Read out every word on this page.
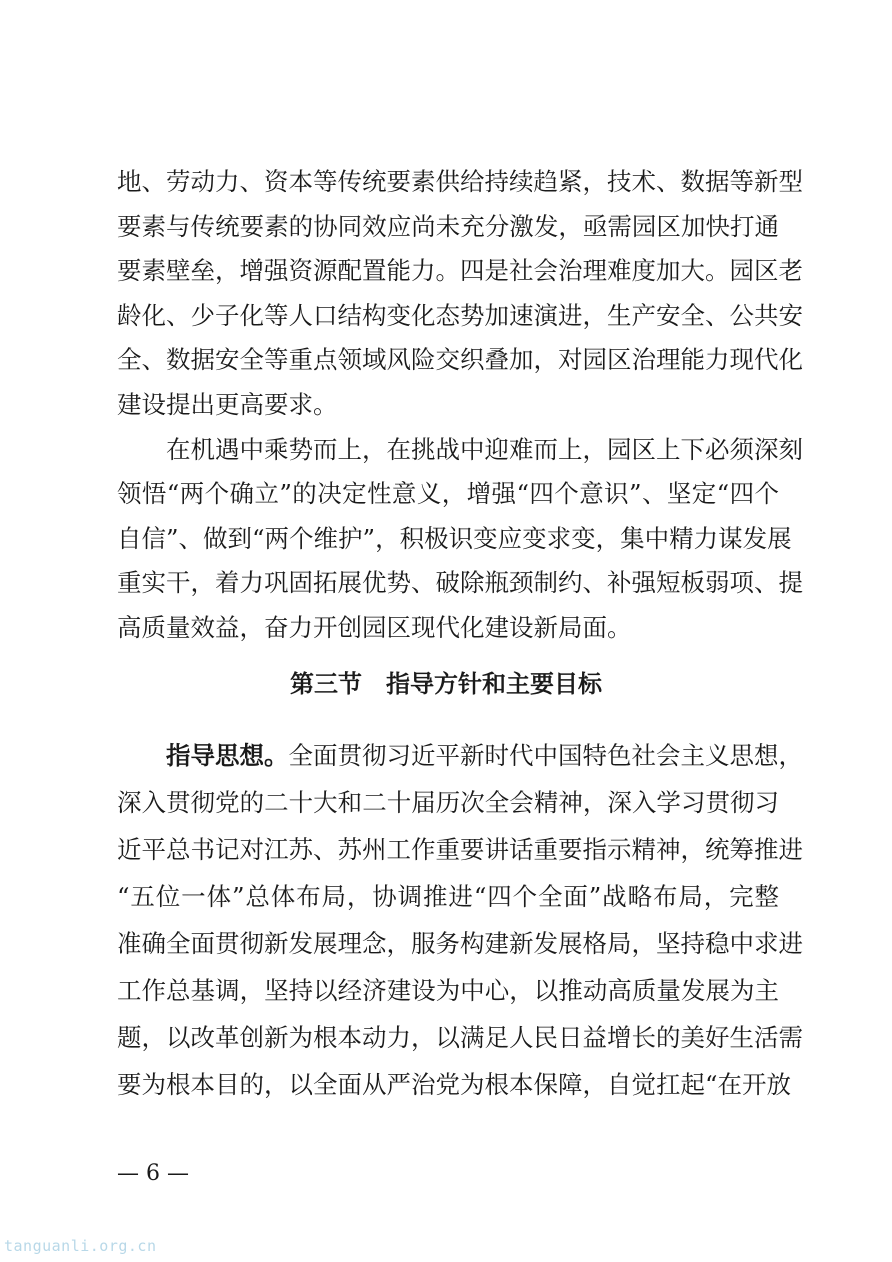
地、劳动力、资本等传统要素供给持续趋紧，技术、数据等新型
要素与传统要素的协同效应尚未充分激发，亟需园区加快打通
要素壁垒，增强资源配置能力。四是社会治理难度加大。园区老
龄化、少子化等人口结构变化态势加速演进，生产安全、公共安
全、数据安全等重点领域风险交织叠加，对园区治理能力现代化
建设提出更高要求。
在机遇中乘势而上，在挑战中迎难而上，园区上下必须深刻
领悟“两个确立”的决定性意义，增强“四个意识”、坚定“四个
自信”、做到“两个维护”，积极识变应变求变，集中精力谋发展
重实干，着力巩固拓展优势、破除瓶颈制约、补强短板弱项、提
第三节　指导方针和主要目标
指导思想。全面贯彻习近平新时代中国特色社会主义思想，
深入贯彻党的二十大和二十届历次全会精神，深入学习贯彻习
近平总书记对江苏、苏州工作重要讲话重要指示精神，统筹推进
“五位一体”总体布局，协调推进“四个全面”战略布局，完整
准确全面贯彻新发展理念，服务构建新发展格局，坚持稳中求进
工作总基调，坚持以经济建设为中心，以推动高质量发展为主
题，以改革创新为根本动力，以满足人民日益增长的美好生活需
要为根本目的，以全面从严治党为根本保障，自觉扛起“在开放
— 6 —
tanguanli.org.cn
高质量效益，奋力开创园区现代化建设新局面。
